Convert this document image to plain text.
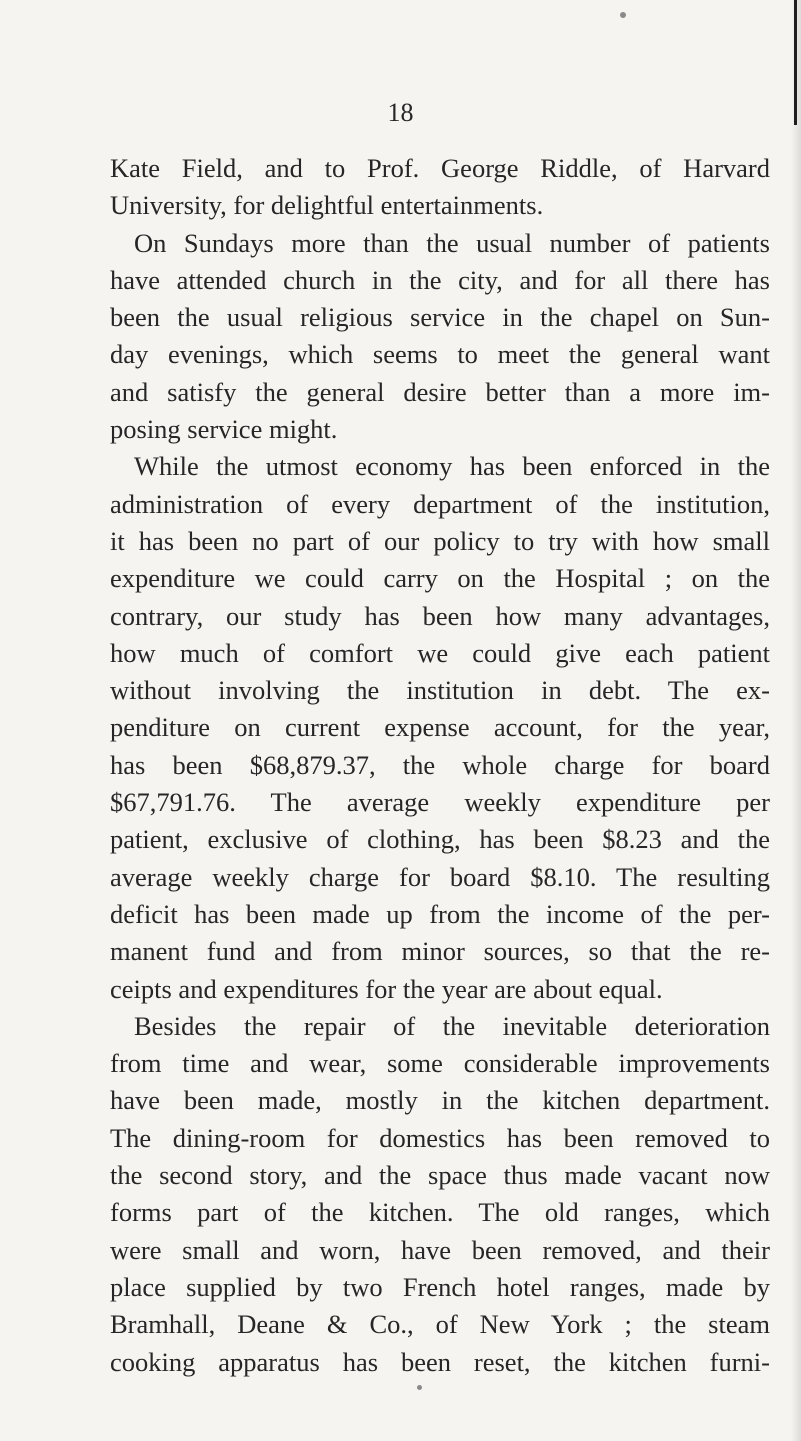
18
Kate Field, and to Prof. George Riddle, of Harvard
University, for delightful entertainments.
On Sundays more than the usual number of patients
have attended church in the city, and for all there has
been the usual religious service in the chapel on Sun-
day evenings, which seems to meet the general want
and satisfy the general desire better than a more im-
posing service might.
While the utmost economy has been enforced in the
administration of every department of the institution,
it has been no part of our policy to try with how small
expenditure we could carry on the Hospital ; on the
contrary, our study has been how many advantages,
how much of comfort we could give each patient
without involving the institution in debt. The ex-
penditure on current expense account, for the year,
has been $68,879.37, the whole charge for board
$67,791.76. The average weekly expenditure per
patient, exclusive of clothing, has been $8.23 and the
average weekly charge for board $8.10. The resulting
deficit has been made up from the income of the per-
manent fund and from minor sources, so that the re-
ceipts and expenditures for the year are about equal.
Besides the repair of the inevitable deterioration
from time and wear, some considerable improvements
have been made, mostly in the kitchen department.
The dining-room for domestics has been removed to
the second story, and the space thus made vacant now
forms part of the kitchen. The old ranges, which
were small and worn, have been removed, and their
place supplied by two French hotel ranges, made by
Bramhall, Deane & Co., of New York ; the steam
cooking apparatus has been reset, the kitchen furni-
